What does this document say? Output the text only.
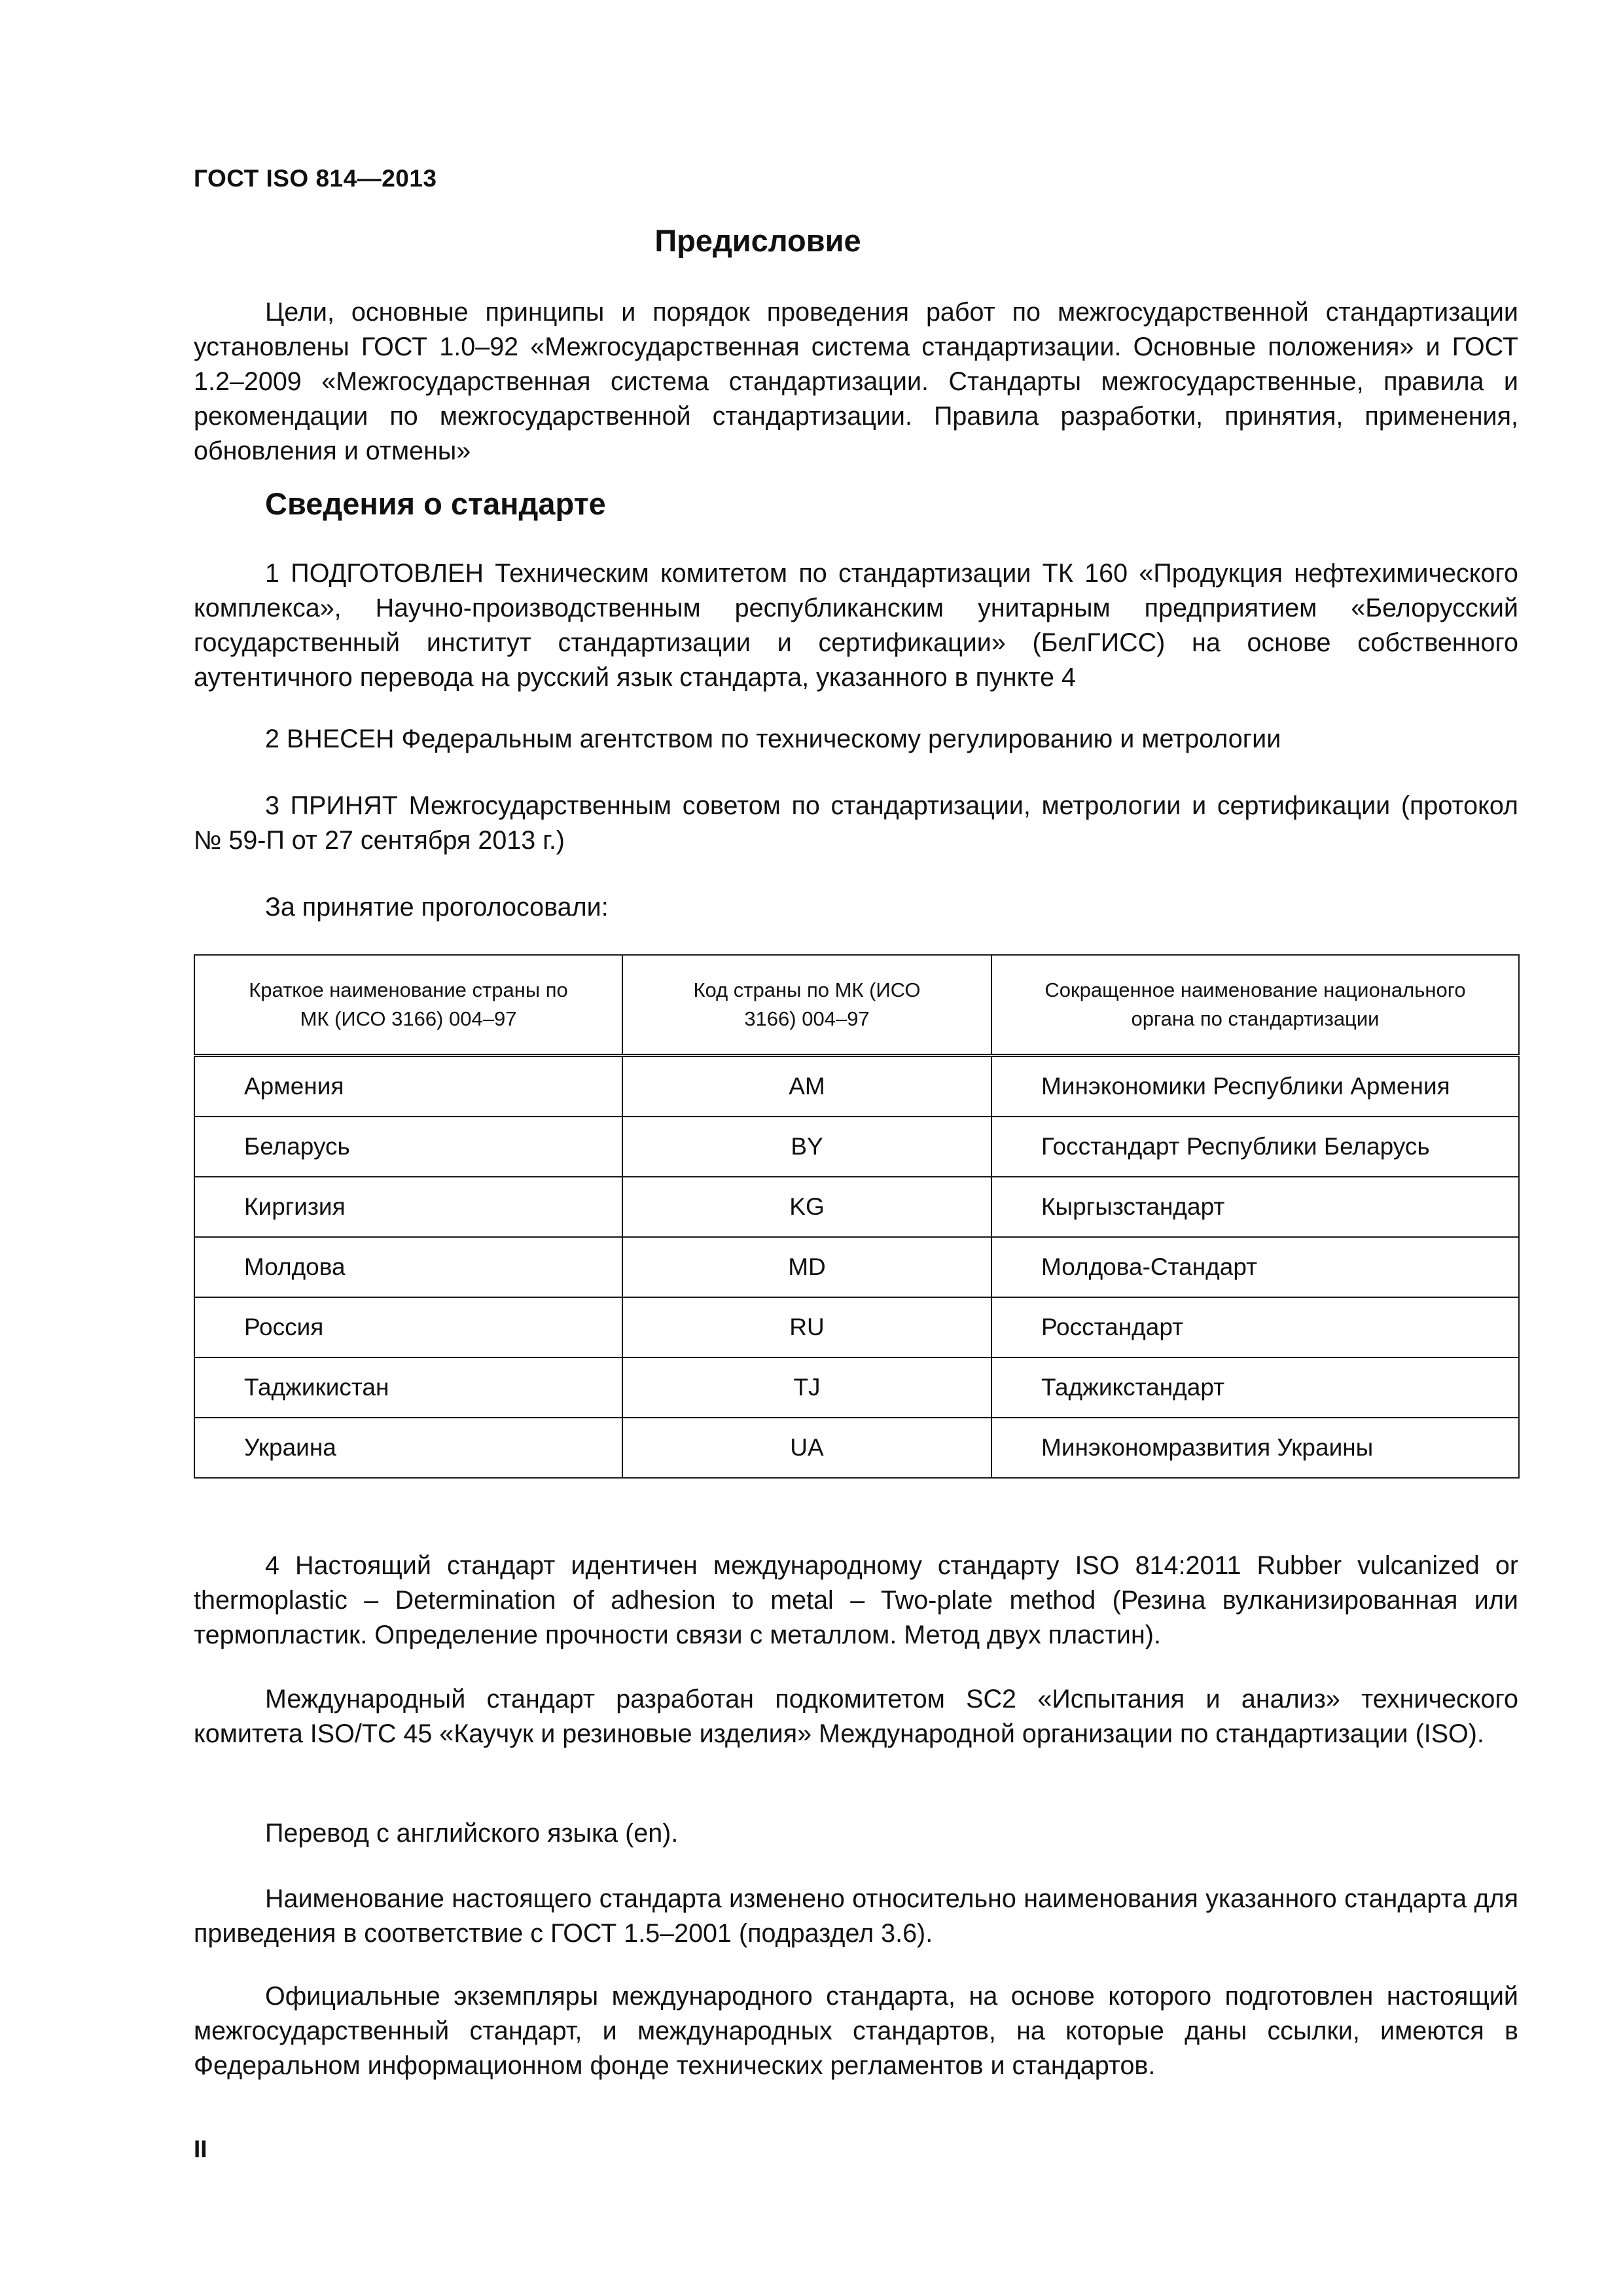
ГОСТ ISO 814—2013
Предисловие

Цели, основные принципы и порядок проведения работ по межгосударственной стандартизации установлены ГОСТ 1.0–92 «Межгосударственная система стандартизации. Основные положения» и ГОСТ 1.2–2009 «Межгосударственная система стандартизации. Стандарты межгосударственные, правила и рекомендации по межгосударственной стандартизации. Правила разработки, принятия, применения, обновления и отмены»

Сведения о стандарте

1 ПОДГОТОВЛЕН Техническим комитетом по стандартизации ТК 160 «Продукция нефтехимического комплекса», Научно-производственным республиканским унитарным предприятием «Белорусский государственный институт стандартизации и сертификации» (БелГИСС) на основе собственного аутентичного перевода на русский язык стандарта, указанного в пункте 4

2 ВНЕСЕН Федеральным агентством по техническому регулированию и метрологии

3 ПРИНЯТ Межгосударственным советом по стандартизации, метрологии и сертификации (протокол № 59-П от 27 сентября 2013 г.)

За принятие проголосовали:

Краткое наименование страны по МК (ИСО 3166) 004–97	Код страны по МК (ИСО 3166) 004–97	Сокращенное наименование национального органа по стандартизации

Армения	AM	Минэкономики Республики Армения
Беларусь	BY	Госстандарт Республики Беларусь
Киргизия	KG	Кыргызстандарт
Молдова	MD	Молдова-Стандарт
Россия	RU	Росстандарт
Таджикистан	TJ	Таджикстандарт
Украина	UA	Минэкономразвития Украины

4 Настоящий стандарт идентичен международному стандарту ISO 814:2011 Rubber vulcanized or thermoplastic – Determination of adhesion to metal – Two-plate method (Резина вулканизированная или термопластик. Определение прочности связи с металлом. Метод двух пластин).

Международный стандарт разработан подкомитетом SC2 «Испытания и анализ» технического комитета ISO/TC 45 «Каучук и резиновые изделия» Международной организации по стандартизации (ISO).

Перевод с английского языка (en).

Наименование настоящего стандарта изменено относительно наименования указанного стандарта для приведения в соответствие с ГОСТ 1.5–2001 (подраздел 3.6).

Официальные экземпляры международного стандарта, на основе которого подготовлен настоящий межгосударственный стандарт, и международных стандартов, на которые даны ссылки, имеются в Федеральном информационном фонде технических регламентов и стандартов.

II
